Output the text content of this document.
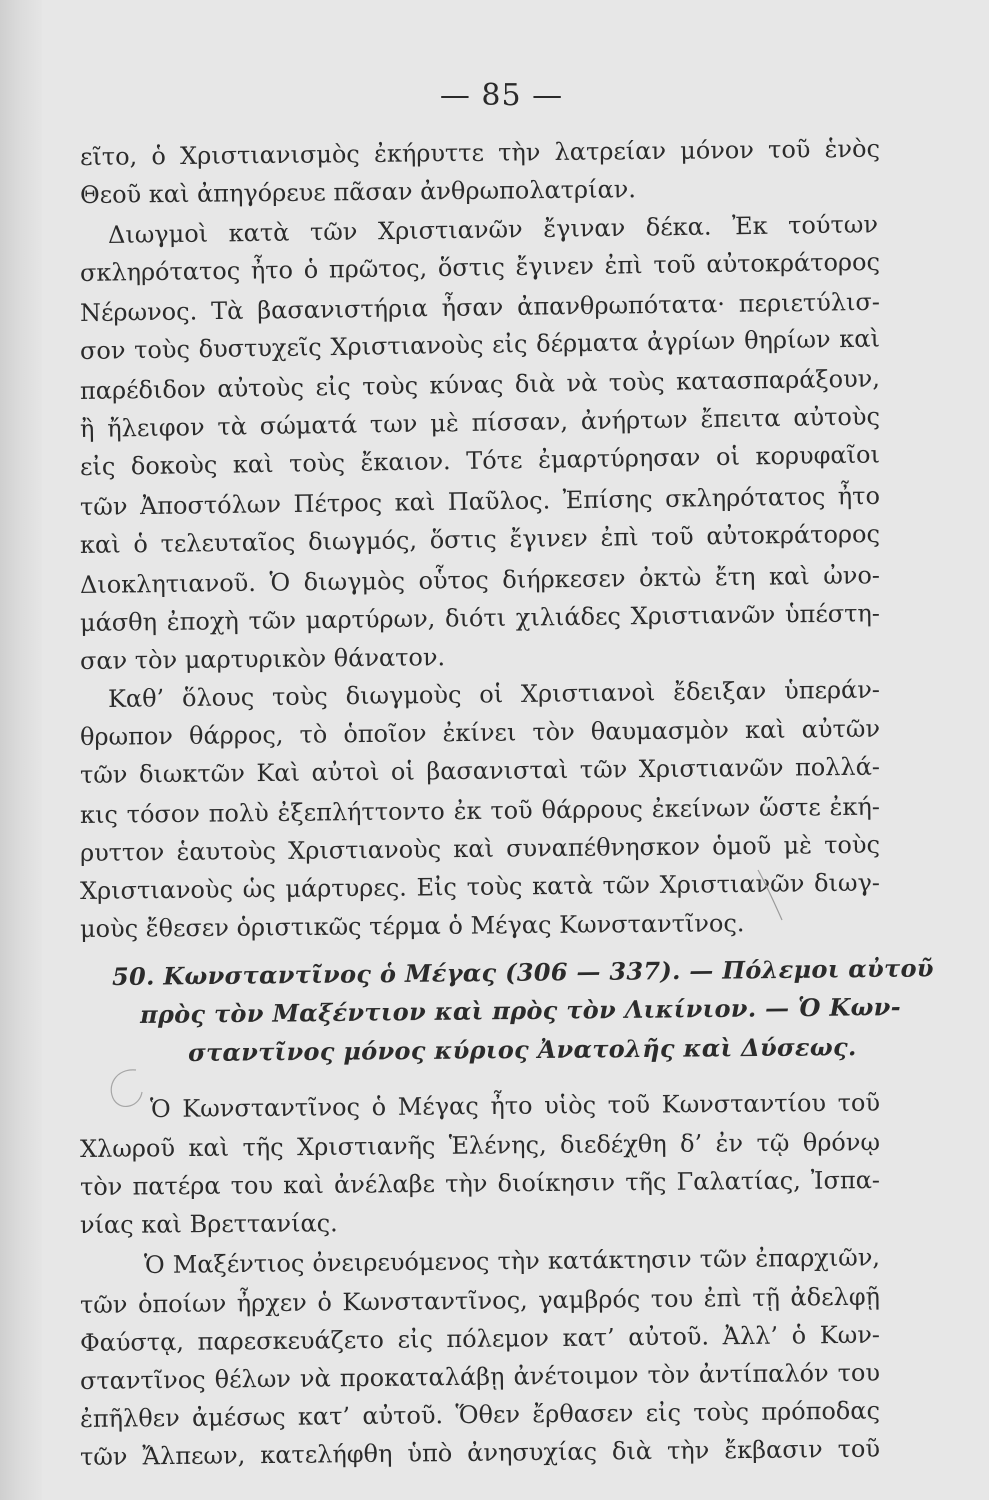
— 85 —
εῖτο, ὁ Χριστιανισμὸς ἐκήρυττε τὴν λατρείαν μόνον τοῦ ἑνὸς
Θεοῦ καὶ ἀπηγόρευε πᾶσαν ἀνθρωπολατρίαν.
Διωγμοὶ κατὰ τῶν Χριστιανῶν ἔγιναν δέκα. Ἐκ τούτων
σκληρότατος ἦτο ὁ πρῶτος, ὅστις ἔγινεν ἐπὶ τοῦ αὐτοκράτορος
Νέρωνος. Τὰ βασανιστήρια ἦσαν ἀπανθρωπότατα· περιετύλισ-
σον τοὺς δυστυχεῖς Χριστιανοὺς εἰς δέρματα ἀγρίων θηρίων καὶ
παρέδιδον αὐτοὺς εἰς τοὺς κύνας διὰ νὰ τοὺς κατασπαράξουν,
ἢ ἤλειφον τὰ σώματά των μὲ πίσσαν, ἀνήρτων ἔπειτα αὐτοὺς
εἰς δοκοὺς καὶ τοὺς ἔκαιον. Τότε ἐμαρτύρησαν οἱ κορυφαῖοι
τῶν Ἀποστόλων Πέτρος καὶ Παῦλος. Ἐπίσης σκληρότατος ἦτο
καὶ ὁ τελευταῖος διωγμός, ὅστις ἔγινεν ἐπὶ τοῦ αὐτοκράτορος
Διοκλητιανοῦ. Ὁ διωγμὸς οὗτος διήρκεσεν ὀκτὼ ἔτη καὶ ὠνο-
μάσθη ἐποχὴ τῶν μαρτύρων, διότι χιλιάδες Χριστιανῶν ὑπέστη-
σαν τὸν μαρτυρικὸν θάνατον.
Καθ’ ὅλους τοὺς διωγμοὺς οἱ Χριστιανοὶ ἔδειξαν ὑπεράν-
θρωπον θάρρος, τὸ ὁποῖον ἐκίνει τὸν θαυμασμὸν καὶ αὐτῶν
τῶν διωκτῶν Καὶ αὐτοὶ οἱ βασανισταὶ τῶν Χριστιανῶν πολλά-
κις τόσον πολὺ ἐξεπλήττοντο ἐκ τοῦ θάρρους ἐκείνων ὥστε ἐκή-
ρυττον ἑαυτοὺς Χριστιανοὺς καὶ συναπέθνησκον ὁμοῦ μὲ τοὺς
Χριστιανοὺς ὡς μάρτυρες. Εἰς τοὺς κατὰ τῶν Χριστιανῶν διωγ-
μοὺς ἔθεσεν ὁριστικῶς τέρμα ὁ Μέγας Κωνσταντῖνος.
50. Κωνσταντῖνος ὁ Μέγας (306 — 337). — Πόλεμοι αὐτοῦ
πρὸς τὸν Μαξέντιον καὶ πρὸς τὸν Λικίνιον. — Ὁ Κων-
σταντῖνος μόνος κύριος Ἀνατολῆς καὶ Δύσεως.
Ὁ Κωνσταντῖνος ὁ Μέγας ἦτο υἱὸς τοῦ Κωνσταντίου τοῦ
Χλωροῦ καὶ τῆς Χριστιανῆς Ἑλένης, διεδέχθη δ’ ἐν τῷ θρόνῳ
τὸν πατέρα του καὶ ἀνέλαβε τὴν διοίκησιν τῆς Γαλατίας, Ἰσπα-
νίας καὶ Βρεττανίας.
Ὁ Μαξέντιος ὀνειρευόμενος τὴν κατάκτησιν τῶν ἐπαρχιῶν,
τῶν ὁποίων ἦρχεν ὁ Κωνσταντῖνος, γαμβρός του ἐπὶ τῇ ἀδελφῇ
Φαύστᾳ, παρεσκευάζετο εἰς πόλεμον κατ’ αὐτοῦ. Ἀλλ’ ὁ Κων-
σταντῖνος θέλων νὰ προκαταλάβῃ ἀνέτοιμον τὸν ἀντίπαλόν του
ἐπῆλθεν ἀμέσως κατ’ αὐτοῦ. Ὅθεν ἔρθασεν εἰς τοὺς πρόποδας
τῶν Ἄλπεων, κατελήφθη ὑπὸ ἀνησυχίας διὰ τὴν ἔκβασιν τοῦ
